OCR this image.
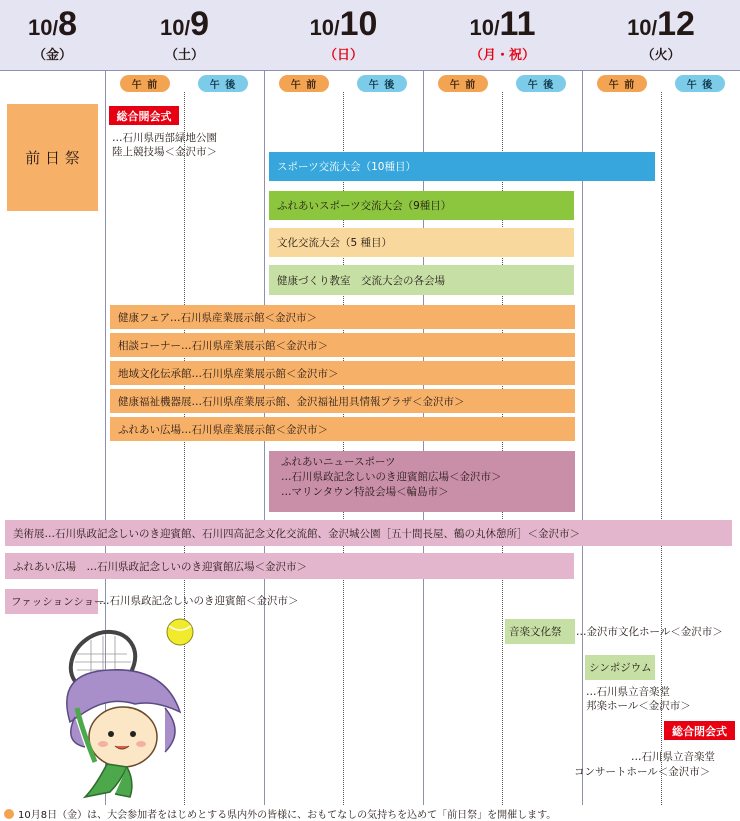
10/8
（金）
10/9
（土）
10/10
（日）
10/11
（月・祝）
10/12
（火）
午 前	午 後	午 前	午 後	午 前	午 後	午 前	午 後
前 日 祭
総合開会式
…石川県西部緑地公園
陸上競技場＜金沢市＞
スポーツ交流大会（10種目）
ふれあいスポーツ交流大会（9種目）
文化交流大会（5 種目）
健康づくり教室　交流大会の各会場
健康フェア…石川県産業展示館＜金沢市＞
相談コーナー…石川県産業展示館＜金沢市＞
地域文化伝承館…石川県産業展示館＜金沢市＞
健康福祉機器展…石川県産業展示館、金沢福祉用具情報プラザ＜金沢市＞
ふれあい広場…石川県産業展示館＜金沢市＞
ふれあいニュースポーツ
…石川県政記念しいのき迎賓館広場＜金沢市＞
…マリンタウン特設会場＜輪島市＞
美術展…石川県政記念しいのき迎賓館、石川四高記念文化交流館、金沢城公園［五十間長屋、鶴の丸休憩所］＜金沢市＞
ふれあい広場　…石川県政記念しいのき迎賓館広場＜金沢市＞
ファッションショー
…石川県政記念しいのき迎賓館＜金沢市＞
音楽文化祭	…金沢市文化ホール＜金沢市＞
シンポジウム
…石川県立音楽堂
邦楽ホール＜金沢市＞
総合閉会式
…石川県立音楽堂
コンサートホール＜金沢市＞
10月8日（金）は、大会参加者をはじめとする県内外の皆様に、おもてなしの気持ちを込めて「前日祭」を開催します。
